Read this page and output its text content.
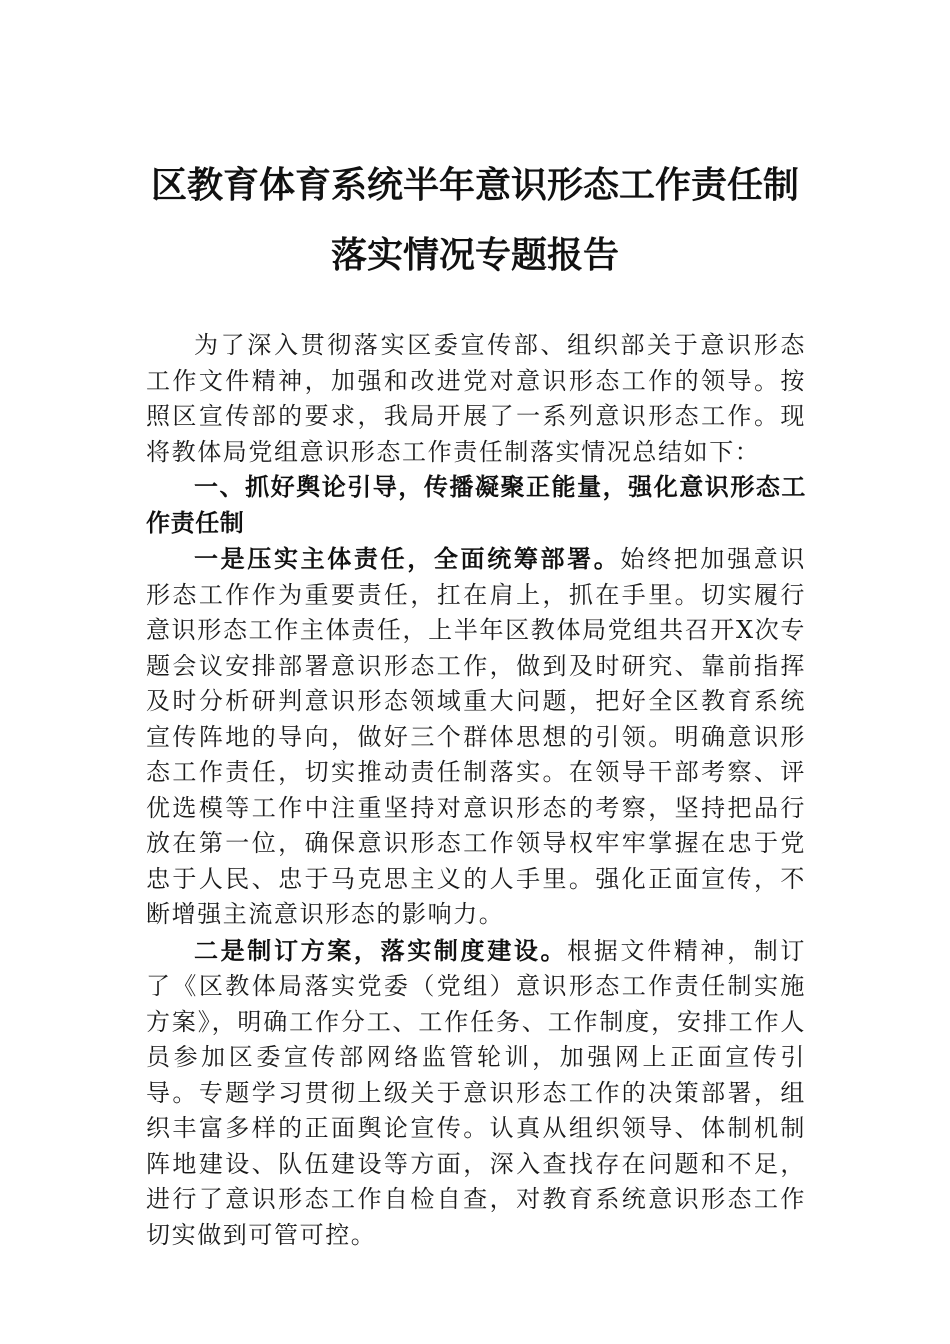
区教育体育系统半年意识形态工作责任制
落实情况专题报告

为了深入贯彻落实区委宣传部、组织部关于意识形态工作文件精神，加强和改进党对意识形态工作的领导。按照区宣传部的要求，我局开展了一系列意识形态工作。现将教体局党组意识形态工作责任制落实情况总结如下：

一、抓好舆论引导，传播凝聚正能量，强化意识形态工作责任制

一是压实主体责任，全面统筹部署。始终把加强意识形态工作作为重要责任，扛在肩上，抓在手里。切实履行意识形态工作主体责任，上半年区教体局党组共召开X次专题会议安排部署意识形态工作，做到及时研究、靠前指挥及时分析研判意识形态领域重大问题，把好全区教育系统宣传阵地的导向，做好三个群体思想的引领。明确意识形态工作责任，切实推动责任制落实。在领导干部考察、评优选模等工作中注重坚持对意识形态的考察，坚持把品行放在第一位，确保意识形态工作领导权牢牢掌握在忠于党忠于人民、忠于马克思主义的人手里。强化正面宣传，不断增强主流意识形态的影响力。

二是制订方案，落实制度建设。根据文件精神，制订了《区教体局落实党委（党组）意识形态工作责任制实施方案》，明确工作分工、工作任务、工作制度，安排工作人员参加区委宣传部网络监管轮训，加强网上正面宣传引导。专题学习贯彻上级关于意识形态工作的决策部署，组织丰富多样的正面舆论宣传。认真从组织领导、体制机制阵地建设、队伍建设等方面，深入查找存在问题和不足，进行了意识形态工作自检自查，对教育系统意识形态工作切实做到可管可控。
